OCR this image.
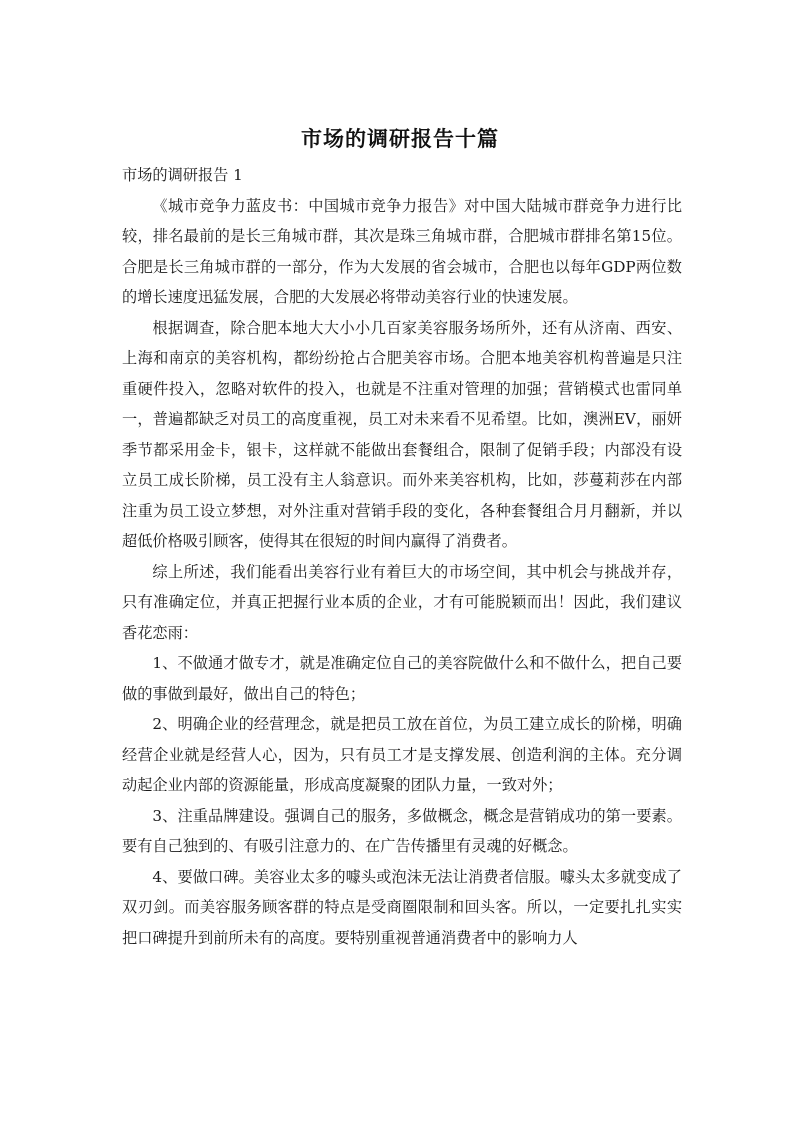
市场的调研报告十篇

市场的调研报告 1

《城市竞争力蓝皮书：中国城市竞争力报告》对中国大陆城市群竞争力进行比较，排名最前的是长三角城市群，其次是珠三角城市群，合肥城市群排名第15位。合肥是长三角城市群的一部分，作为大发展的省会城市，合肥也以每年GDP两位数的增长速度迅猛发展，合肥的大发展必将带动美容行业的快速发展。

根据调查，除合肥本地大大小小几百家美容服务场所外，还有从济南、西安、上海和南京的美容机构，都纷纷抢占合肥美容市场。合肥本地美容机构普遍是只注重硬件投入，忽略对软件的投入，也就是不注重对管理的加强；营销模式也雷同单一，普遍都缺乏对员工的高度重视，员工对未来看不见希望。比如，澳洲EV，丽妍季节都采用金卡，银卡，这样就不能做出套餐组合，限制了促销手段；内部没有设立员工成长阶梯，员工没有主人翁意识。而外来美容机构，比如，莎蔓莉莎在内部注重为员工设立梦想，对外注重对营销手段的变化，各种套餐组合月月翻新，并以超低价格吸引顾客，使得其在很短的时间内赢得了消费者。

综上所述，我们能看出美容行业有着巨大的市场空间，其中机会与挑战并存，只有准确定位，并真正把握行业本质的企业，才有可能脱颖而出！因此，我们建议香花恋雨：

1、不做通才做专才，就是准确定位自己的美容院做什么和不做什么，把自己要做的事做到最好，做出自己的特色；

2、明确企业的经营理念，就是把员工放在首位，为员工建立成长的阶梯，明确经营企业就是经营人心，因为，只有员工才是支撑发展、创造利润的主体。充分调动起企业内部的资源能量，形成高度凝聚的团队力量，一致对外；

3、注重品牌建设。强调自己的服务，多做概念，概念是营销成功的第一要素。要有自己独到的、有吸引注意力的、在广告传播里有灵魂的好概念。

4、要做口碑。美容业太多的噱头或泡沫无法让消费者信服。噱头太多就变成了双刃剑。而美容服务顾客群的特点是受商圈限制和回头客。所以，一定要扎扎实实把口碑提升到前所未有的高度。要特别重视普通消费者中的影响力人
